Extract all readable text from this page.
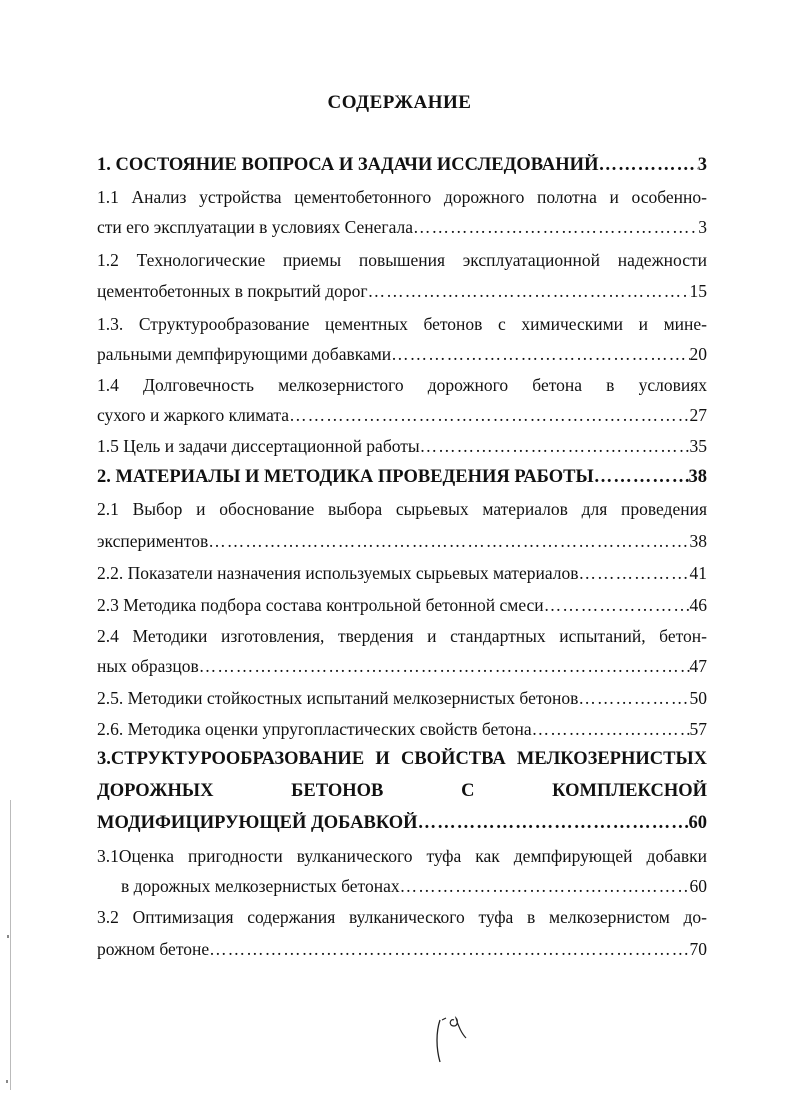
СОДЕРЖАНИЕ
1. СОСТОЯНИЕ ВОПРОСА И ЗАДАЧИ ИССЛЕДОВАНИЙ ……………………………………………………………………………………………………………………………………………………	3
1.1 Анализ устройства цементобетонного дорожного полотна и особенно-
сти его эксплуатации в условиях Сенегала ……………………………………………………………………………………………………………………………………………………	3
1.2 Технологические приемы повышения эксплуатационной надежности
цементобетонных в покрытий дорог ……………………………………………………………………………………………………………………………………………………	15
1.3. Структурообразование цементных бетонов с химическими и мине-
ральными демпфирующими добавками ……………………………………………………………………………………………………………………………………………………	20
1.4 Долговечность мелкозернистого дорожного бетона в условиях
сухого и жаркого климата ……………………………………………………………………………………………………………………………………………………	27
1.5 Цель и задачи диссертационной работы ……………………………………………………………………………………………………………………………………………………	35
2. МАТЕРИАЛЫ И МЕТОДИКА ПРОВЕДЕНИЯ РАБОТЫ ……………………………………………………………………………………………………………………………………………………	38
2.1 Выбор и обоснование выбора сырьевых материалов для проведения
экспериментов ……………………………………………………………………………………………………………………………………………………	38
2.2. Показатели назначения используемых сырьевых материалов ……………………………………………………………………………………………………………………………………………………	41
2.3 Методика подбора состава контрольной бетонной смеси ……………………………………………………………………………………………………………………………………………………	46
2.4 Методики изготовления, твердения и стандартных испытаний, бетон-
ных образцов ……………………………………………………………………………………………………………………………………………………	47
2.5. Методики стойкостных испытаний мелкозернистых бетонов ……………………………………………………………………………………………………………………………………………………	50
2.6. Методика оценки упругопластических свойств бетона ……………………………………………………………………………………………………………………………………………………	57
3.СТРУКТУРООБРАЗОВАНИЕ И СВОЙСТВА МЕЛКОЗЕРНИСТЫХ
ДОРОЖНЫХ БЕТОНОВ С КОМПЛЕКСНОЙ
МОДИФИЦИРУЮЩЕЙ ДОБАВКОЙ ……………………………………………………………………………………………………………………………………………………	60
3.1Оценка пригодности вулканического туфа как демпфирующей добавки
в дорожных мелкозернистых бетонах ……………………………………………………………………………………………………………………………………………………	60
3.2 Оптимизация содержания вулканического туфа в мелкозернистом до-
рожном бетоне ……………………………………………………………………………………………………………………………………………………	70
